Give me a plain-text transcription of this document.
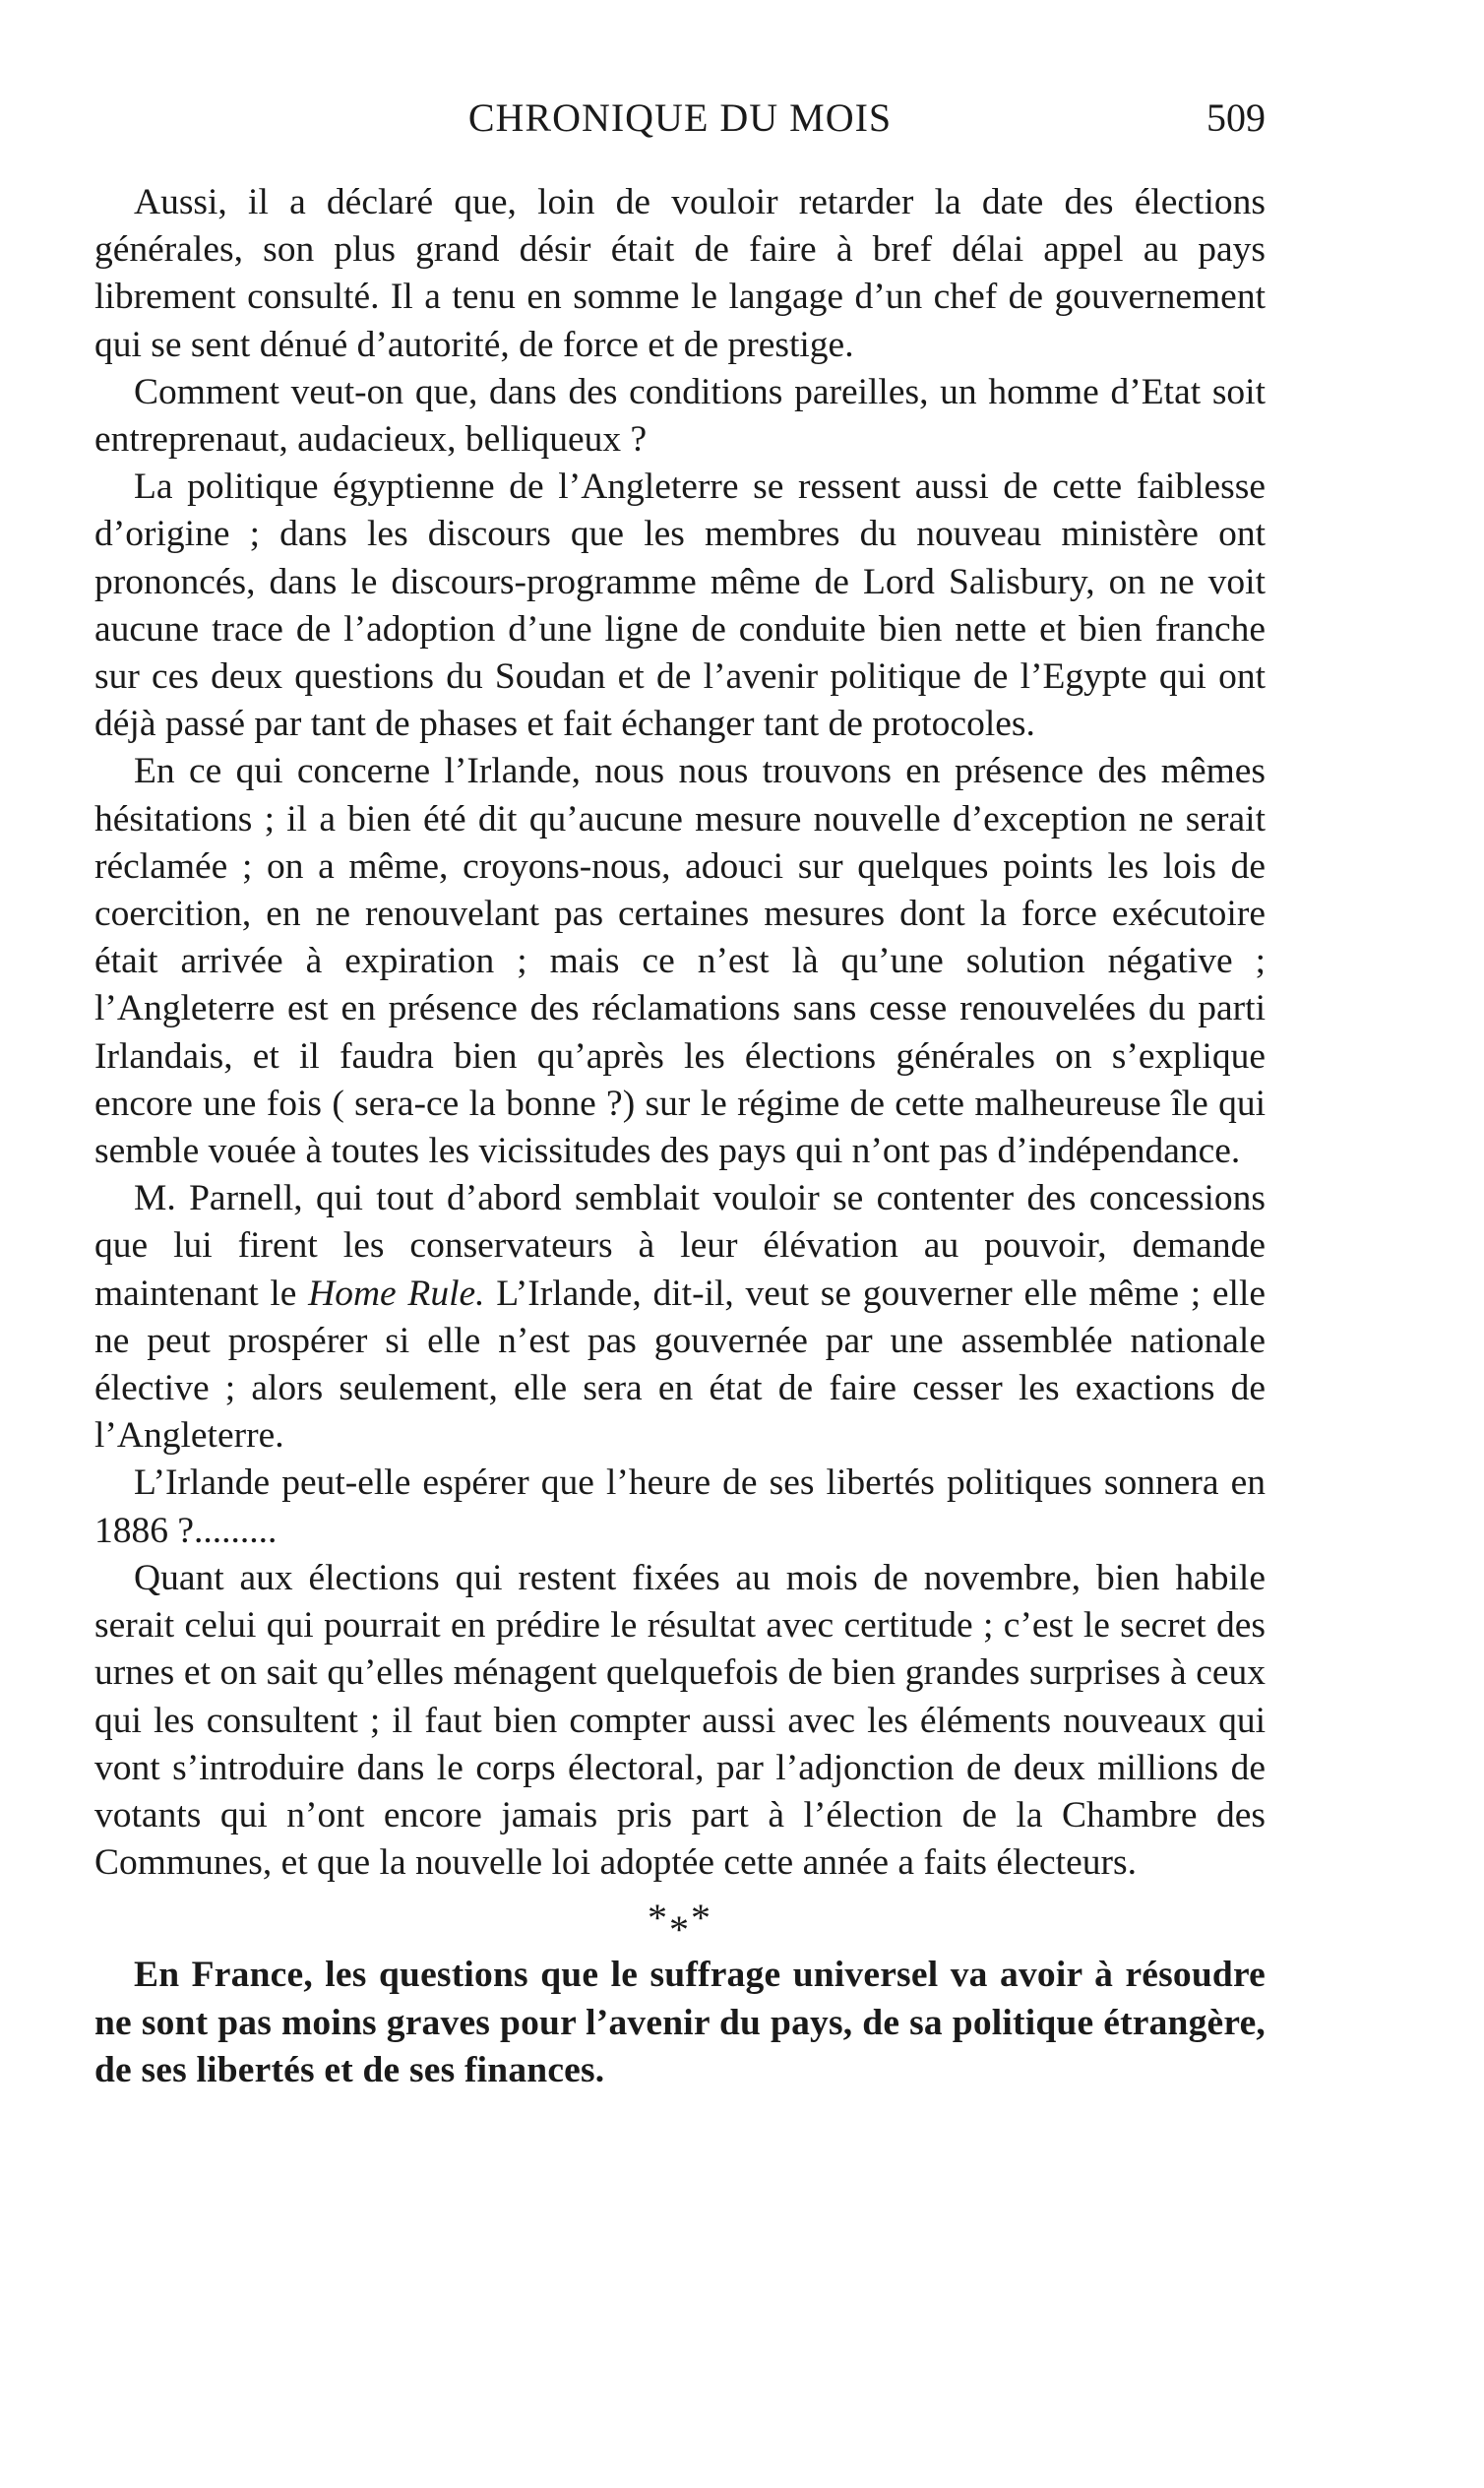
CHRONIQUE DU MOIS	509

Aussi, il a déclaré que, loin de vouloir retarder la date des élections générales, son plus grand désir était de faire à bref délai appel au pays librement consulté. Il a tenu en somme le langage d’un chef de gouvernement qui se sent dénué d’autorité, de force et de prestige.

Comment veut-on que, dans des conditions pareilles, un homme d’Etat soit entreprenaut, audacieux, belliqueux ?

La politique égyptienne de l’Angleterre se ressent aussi de cette faiblesse d’origine ; dans les discours que les membres du nouveau ministère ont prononcés, dans le discours-programme même de Lord Salisbury, on ne voit aucune trace de l’adoption d’une ligne de conduite bien nette et bien franche sur ces deux questions du Soudan et de l’avenir politique de l’Egypte qui ont déjà passé par tant de phases et fait échanger tant de protocoles.

En ce qui concerne l’Irlande, nous nous trouvons en présence des mêmes hésitations ; il a bien été dit qu’aucune mesure nouvelle d’exception ne serait réclamée ; on a même, croyons-nous, adouci sur quelques points les lois de coercition, en ne renouvelant pas certaines mesures dont la force exécutoire était arrivée à expiration ; mais ce n’est là qu’une solution négative ; l’Angleterre est en présence des réclamations sans cesse renouvelées du parti Irlandais, et il faudra bien qu’après les élections générales on s’explique encore une fois ( sera-ce la bonne ?) sur le régime de cette malheureuse île qui semble vouée à toutes les vicissitudes des pays qui n’ont pas d’indépendance.

M. Parnell, qui tout d’abord semblait vouloir se contenter des concessions que lui firent les conservateurs à leur élévation au pouvoir, demande maintenant le Home Rule. L’Irlande, dit-il, veut se gouverner elle même ; elle ne peut prospérer si elle n’est pas gouvernée par une assemblée nationale élective ; alors seulement, elle sera en état de faire cesser les exactions de l’Angleterre.

L’Irlande peut-elle espérer que l’heure de ses libertés politiques sonnera en 1886 ?.........

Quant aux élections qui restent fixées au mois de novembre, bien habile serait celui qui pourrait en prédire le résultat avec certitude ; c’est le secret des urnes et on sait qu’elles ménagent quelquefois de bien grandes surprises à ceux qui les consultent ; il faut bien compter aussi avec les éléments nouveaux qui vont s’introduire dans le corps électoral, par l’adjonction de deux millions de votants qui n’ont encore jamais pris part à l’élection de la Chambre des Communes, et que la nouvelle loi adoptée cette année a faits électeurs.

***

En France, les questions que le suffrage universel va avoir à résoudre ne sont pas moins graves pour l’avenir du pays, de sa politique étrangère, de ses libertés et de ses finances.
